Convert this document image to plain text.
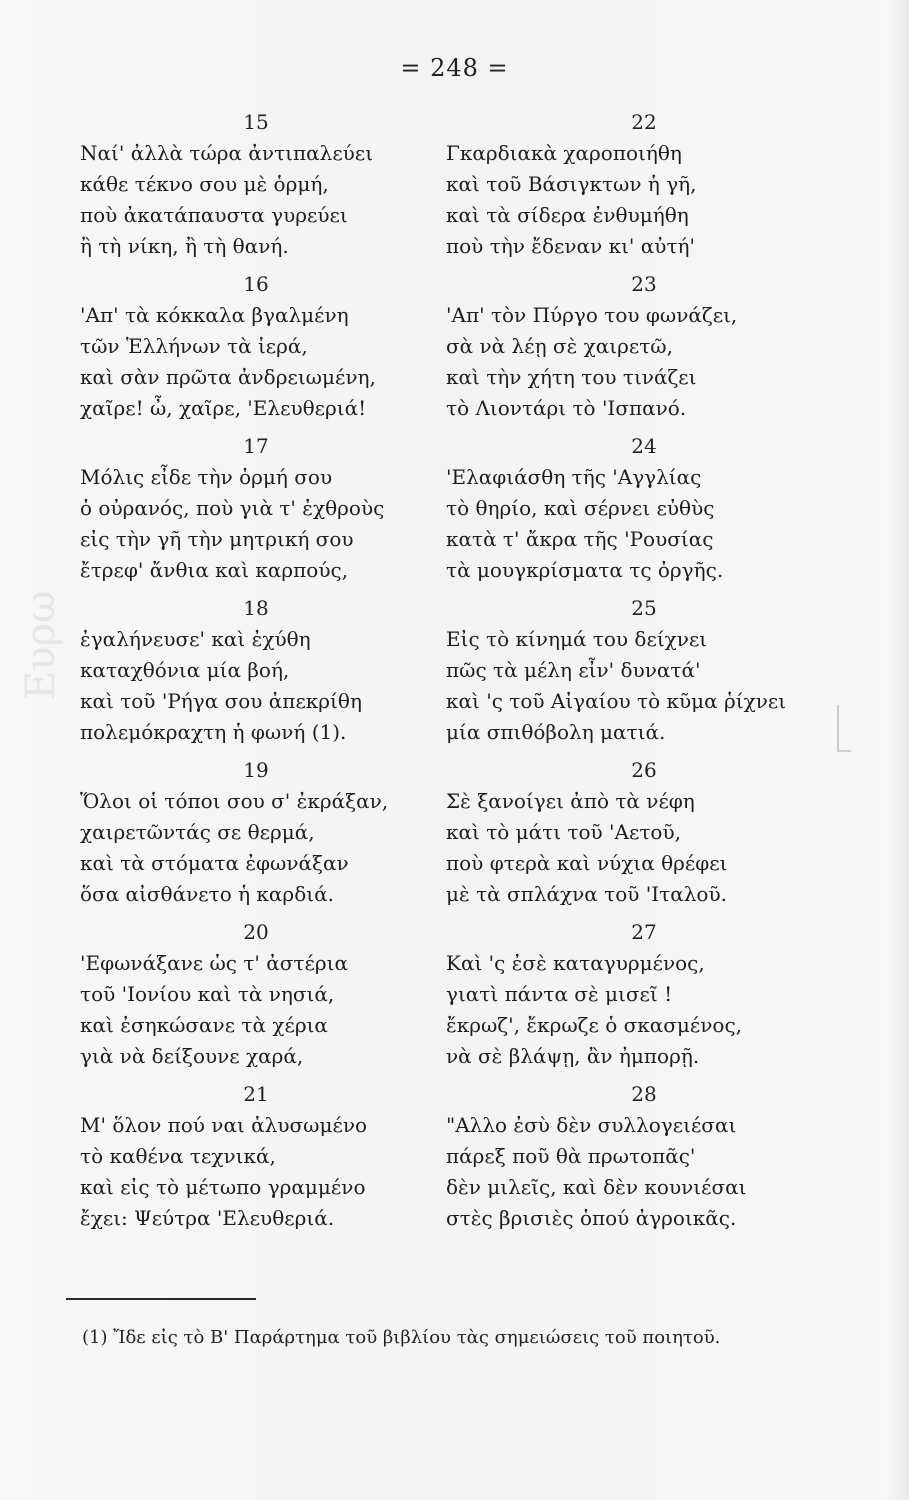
Ευρω
= 248 =
15
Ναί' ἀλλὰ τώρα ἀντιπαλεύει
κάθε τέκνο σου μὲ ὁρμή,
ποὺ ἀκατάπαυστα γυρεύει
ἢ τὴ νίκη, ἢ τὴ θανή.
16
'Απ' τὰ κόκκαλα βγαλμένη
τῶν Ἑλλήνων τὰ ἱερά,
καὶ σὰν πρῶτα ἀνδρειωμένη,
χαῖρε! ὦ, χαῖρε, 'Ελευθεριά!
17
Μόλις εἶδε τὴν ὁρμή σου
ὁ οὐρανός, ποὺ γιὰ τ' ἐχθροὺς
εἰς τὴν γῆ τὴν μητρική σου
ἔτρεφ' ἄνθια καὶ καρπούς,
18
ἐγαλήνευσε' καὶ ἐχύθη
καταχθόνια μία βοή,
καὶ τοῦ 'Ρήγα σου ἀπεκρίθη
πολεμόκραχτη ἡ φωνή (1).
19
Ὅλοι οἱ τόποι σου σ' ἐκράξαν,
χαιρετῶντάς σε θερμά,
καὶ τὰ στόματα ἐφωνάξαν
ὅσα αἰσθάνετο ἡ καρδιά.
20
'Εφωνάξανε ὡς τ' ἀστέρια
τοῦ 'Ιονίου καὶ τὰ νησιά,
καὶ ἐσηκώσανε τὰ χέρια
γιὰ νὰ δείξουνε χαρά,
21
Μ' ὅλον πού ναι ἁλυσωμένο
τὸ καθένα τεχνικά,
καὶ εἰς τὸ μέτωπο γραμμένο
ἔχει: Ψεύτρα 'Ελευθεριά.
22
Γκαρδιακὰ χαροποιήθη
καὶ τοῦ Βάσιγκτων ἡ γῆ,
καὶ τὰ σίδερα ἐνθυμήθη
ποὺ τὴν ἔδεναν κι' αὐτή'
23
'Απ' τὸν Πύργο του φωνάζει,
σὰ νὰ λέῃ σὲ χαιρετῶ,
καὶ τὴν χήτη του τινάζει
τὸ Λιοντάρι τὸ 'Ισπανό.
24
'Ελαφιάσθη τῆς 'Αγγλίας
τὸ θηρίο, καὶ σέρνει εὐθὺς
κατὰ τ' ἄκρα τῆς 'Ρουσίας
τὰ μουγκρίσματα τς ὀργῆς.
25
Εἰς τὸ κίνημά του δείχνει
πῶς τὰ μέλη εἶν' δυνατά'
καὶ 'ς τοῦ Αἰγαίου τὸ κῦμα ῥίχνει
μία σπιθόβολη ματιά.
26
Σὲ ξανοίγει ἀπὸ τὰ νέφη
καὶ τὸ μάτι τοῦ 'Αετοῦ,
ποὺ φτερὰ καὶ νύχια θρέφει
μὲ τὰ σπλάχνα τοῦ 'Ιταλοῦ.
27
Καὶ 'ς ἐσὲ καταγυρμένος,
γιατὶ πάντα σὲ μισεῖ !
ἔκρωζ', ἔκρωζε ὁ σκασμένος,
νὰ σὲ βλάψῃ, ἂν ἠμπορῇ.
28
"Αλλο ἐσὺ δὲν συλλογειέσαι
πάρεξ ποῦ θὰ πρωτοπᾶς'
δὲν μιλεῖς, καὶ δὲν κουνιέσαι
στὲς βρισιὲς ὁπού ἀγροικᾶς.
(1) Ἴδε εἰς τὸ Β' Παράρτημα τοῦ βιβλίου τὰς σημειώσεις τοῦ ποιητοῦ.
